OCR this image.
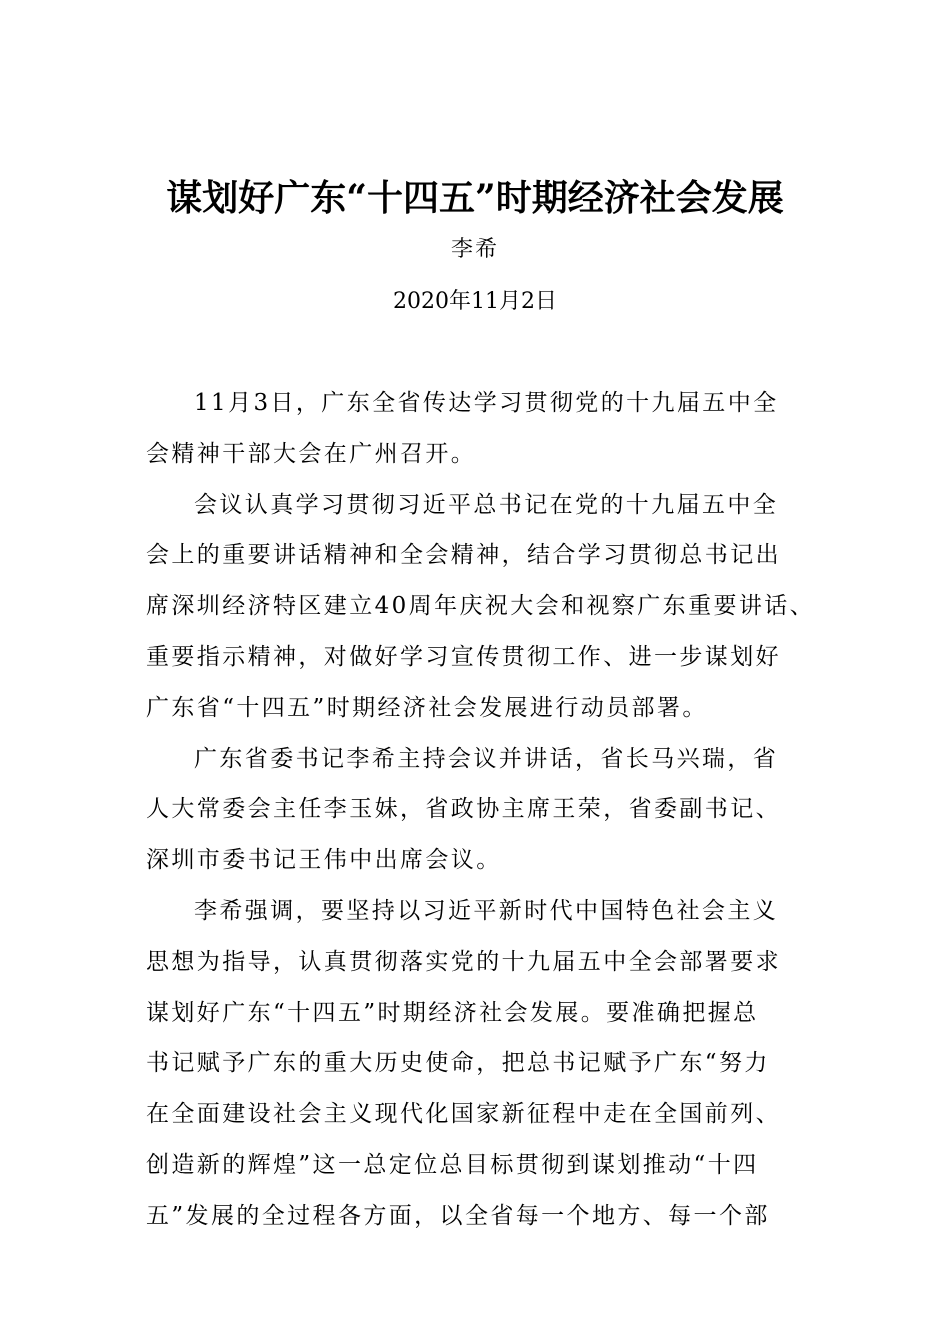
谋划好广东“十四五”时期经济社会发展
李希
2020年11月2日
11月3日，广东全省传达学习贯彻党的十九届五中全
会精神干部大会在广州召开。
会议认真学习贯彻习近平总书记在党的十九届五中全
会上的重要讲话精神和全会精神，结合学习贯彻总书记出
席深圳经济特区建立40周年庆祝大会和视察广东重要讲话、
重要指示精神，对做好学习宣传贯彻工作、进一步谋划好
广东省“十四五”时期经济社会发展进行动员部署。
广东省委书记李希主持会议并讲话，省长马兴瑞，省
人大常委会主任李玉妹，省政协主席王荣，省委副书记、
深圳市委书记王伟中出席会议。
李希强调，要坚持以习近平新时代中国特色社会主义
思想为指导，认真贯彻落实党的十九届五中全会部署要求
谋划好广东“十四五”时期经济社会发展。要准确把握总
书记赋予广东的重大历史使命，把总书记赋予广东“努力
在全面建设社会主义现代化国家新征程中走在全国前列、
创造新的辉煌”这一总定位总目标贯彻到谋划推动“十四
五”发展的全过程各方面，以全省每一个地方、每一个部
